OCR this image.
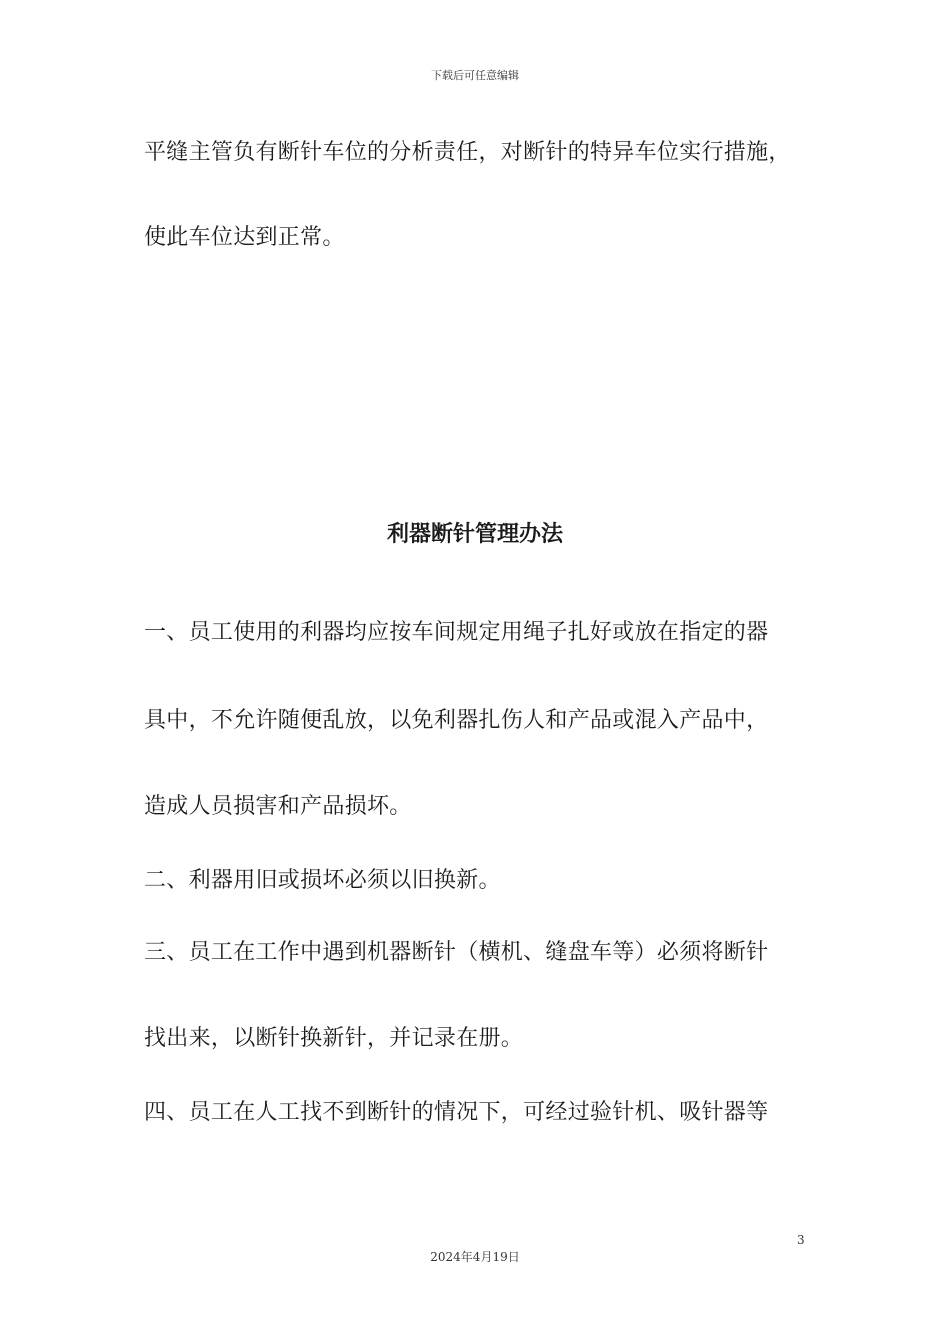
下载后可任意编辑
平缝主管负有断针车位的分析责任，对断针的特异车位实行措施，
使此车位达到正常。
利器断针管理办法
一、员工使用的利器均应按车间规定用绳子扎好或放在指定的器
具中，不允许随便乱放，以免利器扎伤人和产品或混入产品中，
造成人员损害和产品损坏。
二、利器用旧或损坏必须以旧换新。
三、员工在工作中遇到机器断针（横机、缝盘车等）必须将断针
找出来，以断针换新针，并记录在册。
四、员工在人工找不到断针的情况下，可经过验针机、吸针器等
3
2024年4月19日
